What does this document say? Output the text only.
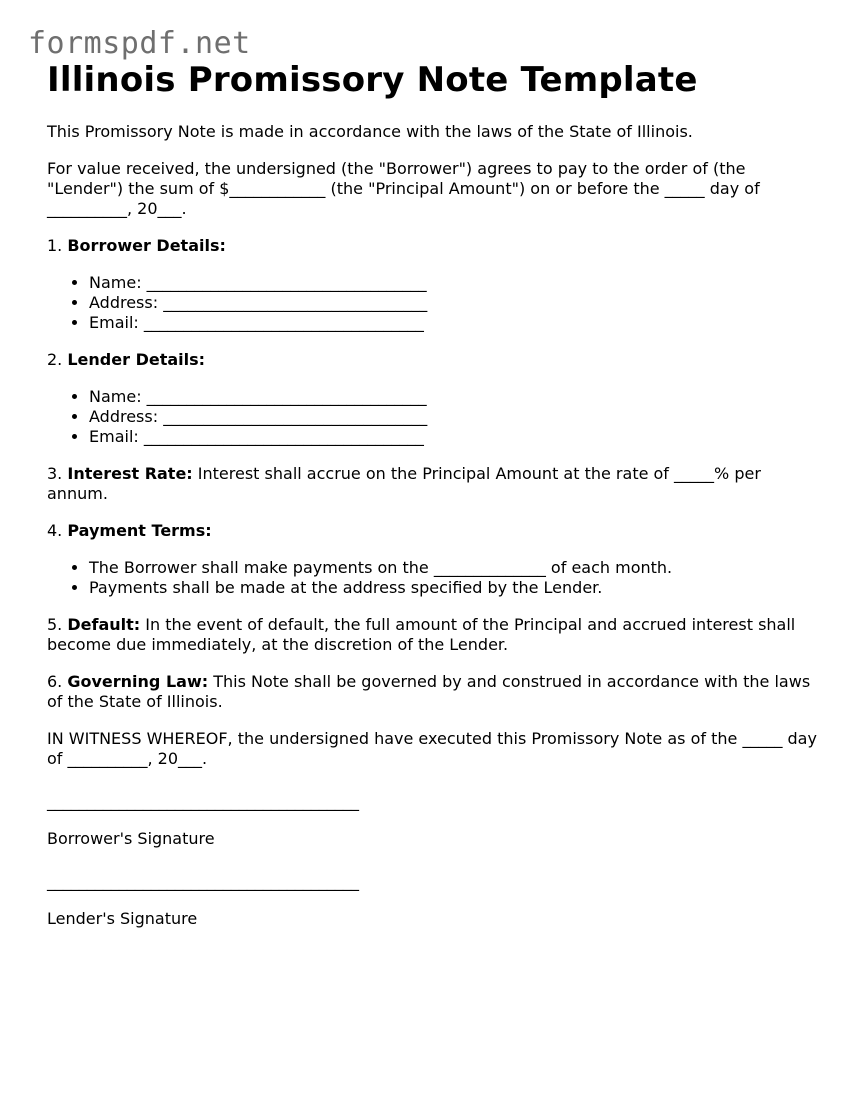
formspdf.net
Illinois Promissory Note Template

This Promissory Note is made in accordance with the laws of the State of Illinois.

For value received, the undersigned (the "Borrower") agrees to pay to the order of (the "Lender") the sum of $____________ (the "Principal Amount") on or before the _____ day of __________, 20___.

1. Borrower Details:

• Name: ___________________________________
• Address: _________________________________
• Email: ___________________________________

2. Lender Details:

• Name: ___________________________________
• Address: _________________________________
• Email: ___________________________________

3. Interest Rate: Interest shall accrue on the Principal Amount at the rate of _____% per annum.

4. Payment Terms:

• The Borrower shall make payments on the ______________ of each month.
• Payments shall be made at the address specified by the Lender.

5. Default: In the event of default, the full amount of the Principal and accrued interest shall become due immediately, at the discretion of the Lender.

6. Governing Law: This Note shall be governed by and construed in accordance with the laws of the State of Illinois.

IN WITNESS WHEREOF, the undersigned have executed this Promissory Note as of the _____ day of __________, 20___.

_______________________________________

Borrower's Signature

_______________________________________

Lender's Signature
